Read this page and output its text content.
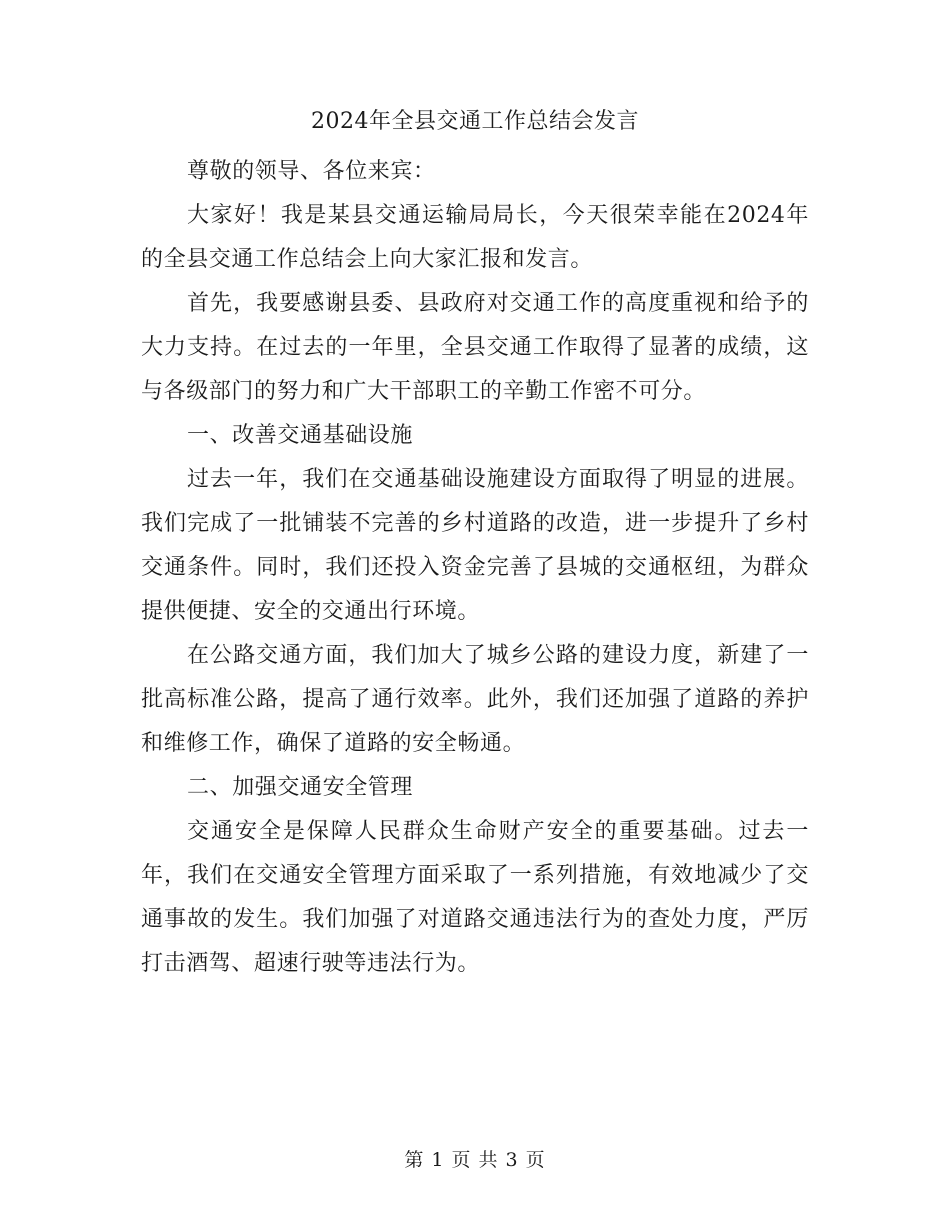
2024年全县交通工作总结会发言

尊敬的领导、各位来宾：

大家好！我是某县交通运输局局长，今天很荣幸能在2024年的全县交通工作总结会上向大家汇报和发言。

首先，我要感谢县委、县政府对交通工作的高度重视和给予的大力支持。在过去的一年里，全县交通工作取得了显著的成绩，这与各级部门的努力和广大干部职工的辛勤工作密不可分。

一、改善交通基础设施

过去一年，我们在交通基础设施建设方面取得了明显的进展。我们完成了一批铺装不完善的乡村道路的改造，进一步提升了乡村交通条件。同时，我们还投入资金完善了县城的交通枢纽，为群众提供便捷、安全的交通出行环境。

在公路交通方面，我们加大了城乡公路的建设力度，新建了一批高标准公路，提高了通行效率。此外，我们还加强了道路的养护和维修工作，确保了道路的安全畅通。

二、加强交通安全管理

交通安全是保障人民群众生命财产安全的重要基础。过去一年，我们在交通安全管理方面采取了一系列措施，有效地减少了交通事故的发生。我们加强了对道路交通违法行为的查处力度，严厉打击酒驾、超速行驶等违法行为。

第 1 页 共 3 页
